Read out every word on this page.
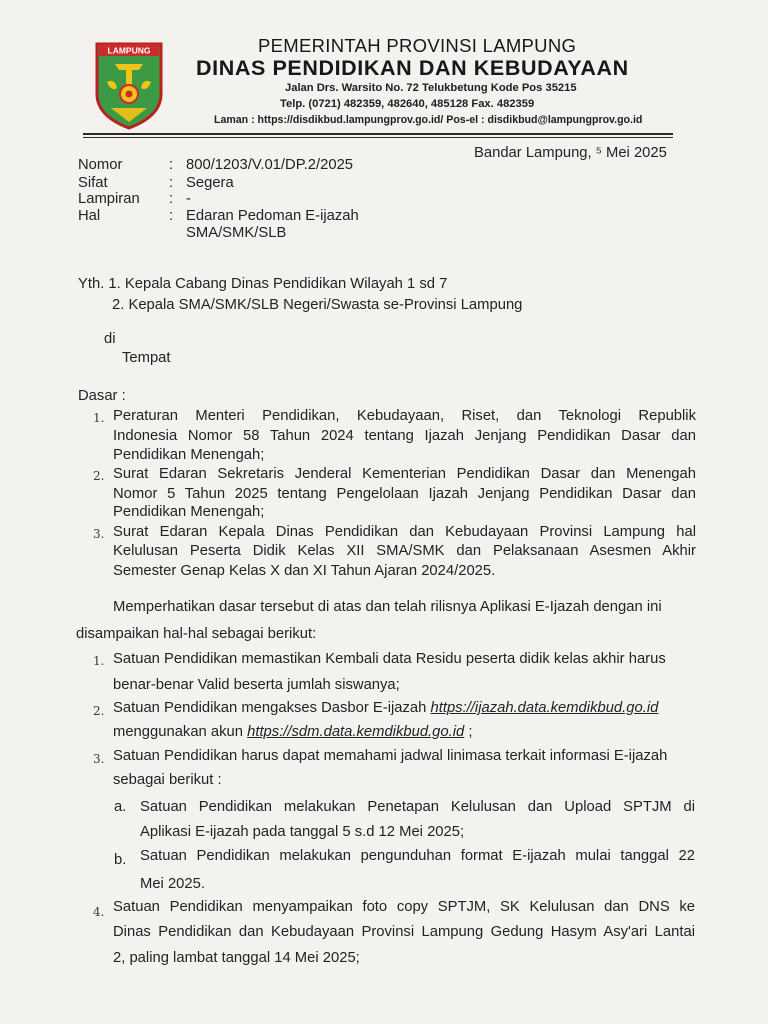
LAMPUNG	PEMERINTAH PROVINSI LAMPUNG
DINAS PENDIDIKAN DAN KEBUDAYAAN
Jalan Drs. Warsito No. 72 Telukbetung Kode Pos 35215
Telp. (0721) 482359, 482640, 485128 Fax. 482359
Laman : https://disdikbud.lampungprov.go.id/ Pos-el : disdikbud@lampungprov.go.id
Bandar Lampung, ⁵ Mei 2025
Nomor	: 800/1203/V.01/DP.2/2025
Sifat	: Segera
Lampiran : -
Hal	: Edaran Pedoman E-ijazah
SMA/SMK/SLB
Yth. 1. Kepala Cabang Dinas Pendidikan Wilayah 1 sd 7
2. Kepala SMA/SMK/SLB Negeri/Swasta se-Provinsi Lampung
di
Tempat
Dasar :
1. Peraturan Menteri Pendidikan, Kebudayaan, Riset, dan Teknologi Republik
Indonesia Nomor 58 Tahun 2024 tentang Ijazah Jenjang Pendidikan Dasar dan
Pendidikan Menengah;
2. Surat Edaran Sekretaris Jenderal Kementerian Pendidikan Dasar dan Menengah
Nomor 5 Tahun 2025 tentang Pengelolaan Ijazah Jenjang Pendidikan Dasar dan
Pendidikan Menengah;
3. Surat Edaran Kepala Dinas Pendidikan dan Kebudayaan Provinsi Lampung hal
Kelulusan Peserta Didik Kelas XII SMA/SMK dan Pelaksanaan Asesmen Akhir
Semester Genap Kelas X dan XI Tahun Ajaran 2024/2025.
Memperhatikan dasar tersebut di atas dan telah rilisnya Aplikasi E-Ijazah dengan ini
disampaikan hal-hal sebagai berikut:
1. Satuan Pendidikan memastikan Kembali data Residu peserta didik kelas akhir harus
benar-benar Valid beserta jumlah siswanya;
2. Satuan Pendidikan mengakses Dasbor E-ijazah https://ijazah.data.kemdikbud.go.id
menggunakan akun https://sdm.data.kemdikbud.go.id ;
3. Satuan Pendidikan harus dapat memahami jadwal linimasa terkait informasi E-ijazah
sebagai berikut :
a. Satuan Pendidikan melakukan Penetapan Kelulusan dan Upload SPTJM di
Aplikasi E-ijazah pada tanggal 5 s.d 12 Mei 2025;
b. Satuan Pendidikan melakukan pengunduhan format E-ijazah mulai tanggal 22
Mei 2025.
4. Satuan Pendidikan menyampaikan foto copy SPTJM, SK Kelulusan dan DNS ke
Dinas Pendidikan dan Kebudayaan Provinsi Lampung Gedung Hasym Asy'ari Lantai
2, paling lambat tanggal 14 Mei 2025;
